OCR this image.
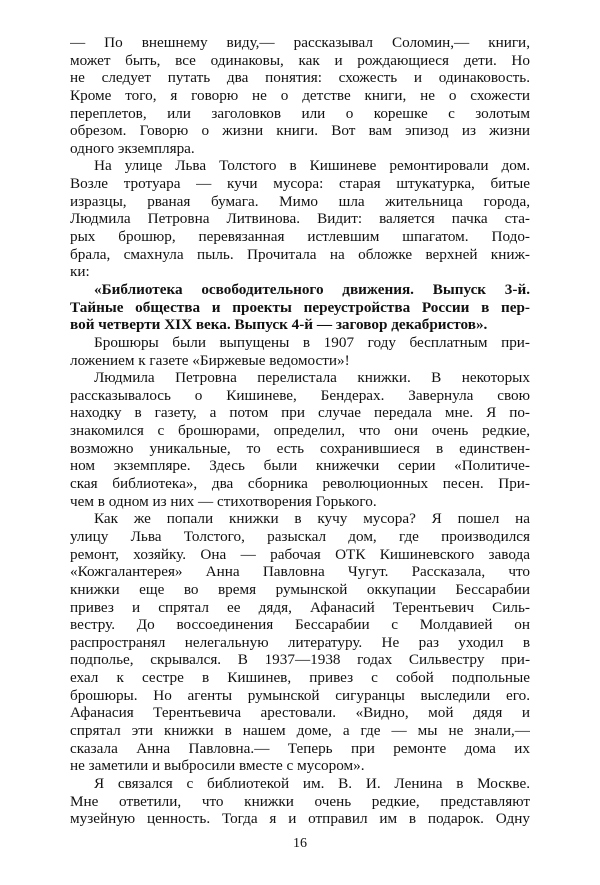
— По внешнему виду,— рассказывал Соломин,— книги,
может быть, все одинаковы, как и рождающиеся дети. Но
не следует путать два понятия: схожесть и одинаковость.
Кроме того, я говорю не о детстве книги, не о схожести
переплетов, или заголовков или о корешке с золотым
обрезом. Говорю о жизни книги. Вот вам эпизод из жизни
одного экземпляра.
На улице Льва Толстого в Кишиневе ремонтировали дом.
Возле тротуара — кучи мусора: старая штукатурка, битые
изразцы, рваная бумага. Мимо шла жительница города,
Людмила Петровна Литвинова. Видит: валяется пачка ста-
рых брошюр, перевязанная истлевшим шпагатом. Подо-
брала, смахнула пыль. Прочитала на обложке верхней книж-
ки:
«Библиотека освободительного движения. Выпуск 3-й.
Тайные общества и проекты переустройства России в пер-
вой четверти XIX века. Выпуск 4-й — заговор декабристов».
Брошюры были выпущены в 1907 году бесплатным при-
ложением к газете «Биржевые ведомости»!
Людмила Петровна перелистала книжки. В некоторых
рассказывалось о Кишиневе, Бендерах. Завернула свою
находку в газету, а потом при случае передала мне. Я по-
знакомился с брошюрами, определил, что они очень редкие,
возможно уникальные, то есть сохранившиеся в единствен-
ном экземпляре. Здесь были книжечки серии «Политиче-
ская библиотека», два сборника революционных песен. При-
чем в одном из них — стихотворения Горького.
Как же попали книжки в кучу мусора? Я пошел на
улицу Льва Толстого, разыскал дом, где производился
ремонт, хозяйку. Она — рабочая ОТК Кишиневского завода
«Кожгалантерея» Анна Павловна Чугут. Рассказала, что
книжки еще во время румынской оккупации Бессарабии
привез и спрятал ее дядя, Афанасий Терентьевич Силь-
вестру. До воссоединения Бессарабии с Молдавией он
распространял нелегальную литературу. Не раз уходил в
подполье, скрывался. В 1937—1938 годах Сильвестру при-
ехал к сестре в Кишинев, привез с собой подпольные
брошюры. Но агенты румынской сигуранцы выследили его.
Афанасия Терентьевича арестовали. «Видно, мой дядя и
спрятал эти книжки в нашем доме, а где — мы не знали,—
сказала Анна Павловна.— Теперь при ремонте дома их
не заметили и выбросили вместе с мусором».
Я связался с библиотекой им. В. И. Ленина в Москве.
Мне ответили, что книжки очень редкие, представляют
музейную ценность. Тогда я и отправил им в подарок. Одну
16
